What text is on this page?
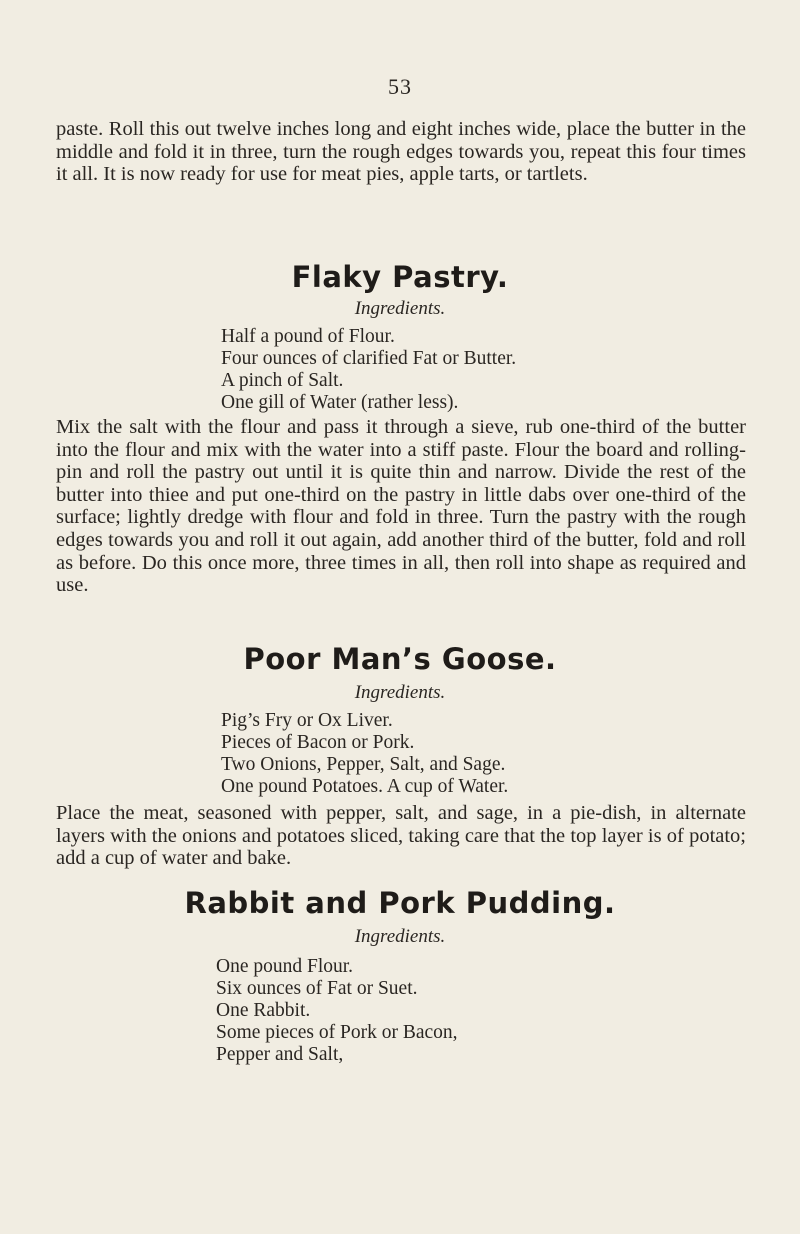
53

paste. Roll this out twelve inches long and eight inches wide, place the butter in the middle and fold it in three, turn the rough edges towards you, repeat this four times it all. It is now ready for use for meat pies, apple tarts, or tartlets.

Flaky Pastry.
Ingredients.
Half a pound of Flour.
Four ounces of clarified Fat or Butter.
A pinch of Salt.
One gill of Water (rather less).

Mix the salt with the flour and pass it through a sieve, rub one-third of the butter into the flour and mix with the water into a stiff paste. Flour the board and rolling-pin and roll the pastry out until it is quite thin and narrow. Divide the rest of the butter into thiee and put one-third on the pastry in little dabs over one-third of the surface; lightly dredge with flour and fold in three. Turn the pastry with the rough edges towards you and roll it out again, add another third of the butter, fold and roll as before. Do this once more, three times in all, then roll into shape as required and use.

Poor Man’s Goose.
Ingredients.
Pig’s Fry or Ox Liver.
Pieces of Bacon or Pork.
Two Onions, Pepper, Salt, and Sage.
One pound Potatoes. A cup of Water.

Place the meat, seasoned with pepper, salt, and sage, in a pie-dish, in alternate layers with the onions and potatoes sliced, taking care that the top layer is of potato; add a cup of water and bake.

Rabbit and Pork Pudding.
Ingredients.
One pound Flour.
Six ounces of Fat or Suet.
One Rabbit.
Some pieces of Pork or Bacon,
Pepper and Salt,
